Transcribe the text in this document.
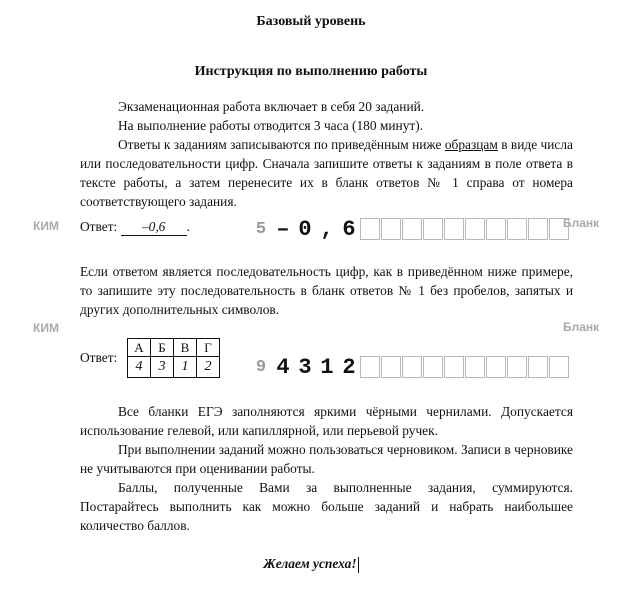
Базовый уровень
Инструкция по выполнению работы
Экзаменационная работа включает в себя 20 заданий.
На выполнение работы отводится 3 часа (180 минут).
Ответы к заданиям записываются по приведённым ниже образцам в виде числа или последовательности цифр. Сначала запишите ответы к заданиям в поле ответа в тексте работы, а затем перенесите их в бланк ответов № 1 справа от номера соответствующего задания.
КИМ	Бланк
Ответ: –0,6 .	5 – 0 , 6
Если ответом является последовательность цифр, как в приведённом ниже примере, то запишите эту последовательность в бланк ответов № 1 без пробелов, запятых и других дополнительных символов.
КИМ	Бланк
Ответ:
А	Б	В	Г
4	3	1	2	9 4 3 1 2
Все бланки ЕГЭ заполняются яркими чёрными чернилами. Допускается использование гелевой, или капиллярной, или перьевой ручек.
При выполнении заданий можно пользоваться черновиком. Записи в черновике не учитываются при оценивании работы.
Баллы, полученные Вами за выполненные задания, суммируются. Постарайтесь выполнить как можно больше заданий и набрать наибольшее количество баллов.
Желаем успеха!
